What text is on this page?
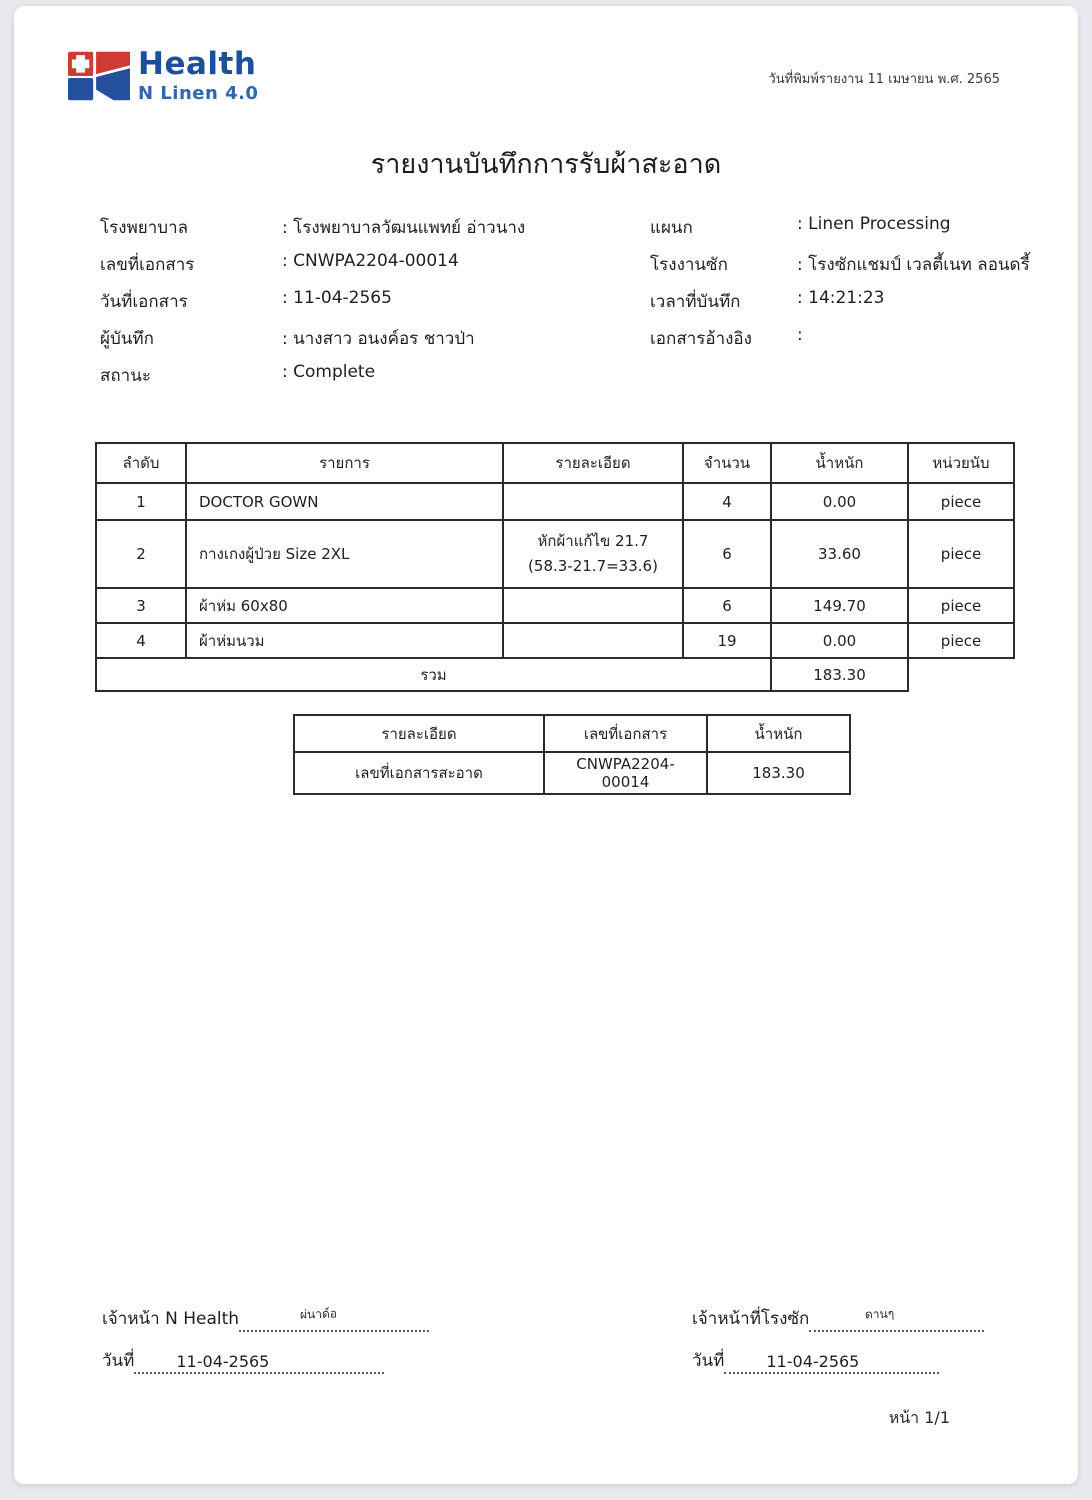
Health
N Linen 4.0
วันที่พิมพ์รายงาน 11 เมษายน พ.ศ. 2565
รายงานบันทึกการรับผ้าสะอาด
โรงพยาบาล	: โรงพยาบาลวัฒนแพทย์ อ่าวนาง
เลขที่เอกสาร	: CNWPA2204-00014
วันที่เอกสาร	: 11-04-2565
ผู้บันทึก	: นางสาว อนงค์อร ชาวป่า
สถานะ	: Complete
แผนก	: Linen Processing
โรงงานซัก	: โรงซักแชมป์ เวลตี้เนท ลอนดรี้
เวลาที่บันทึก	: 14:21:23
เอกสารอ้างอิง	:
ลำดับ	รายการ	รายละเอียด	จำนวน	น้ำหนัก	หน่วยนับ
1	DOCTOR GOWN		4	0.00	piece
2	กางเกงผู้ป่วย Size 2XL	หักผ้าแก้ไข 21.7
(58.3-21.7=33.6)	6	33.60	piece
3	ผ้าห่ม 60x80		6	149.70	piece
4	ผ้าห่มนวม		19	0.00	piece
รวม				183.30	
รายละเอียด	เลขที่เอกสาร	น้ำหนัก
เลขที่เอกสารสะอาด	CNWPA2204-00014	183.30
เจ้าหน้า N Health	ผ่นาด์อ
วันที่	11-04-2565
เจ้าหน้าที่โรงซัก	ดานๆ
วันที่	11-04-2565
หน้า 1/1
